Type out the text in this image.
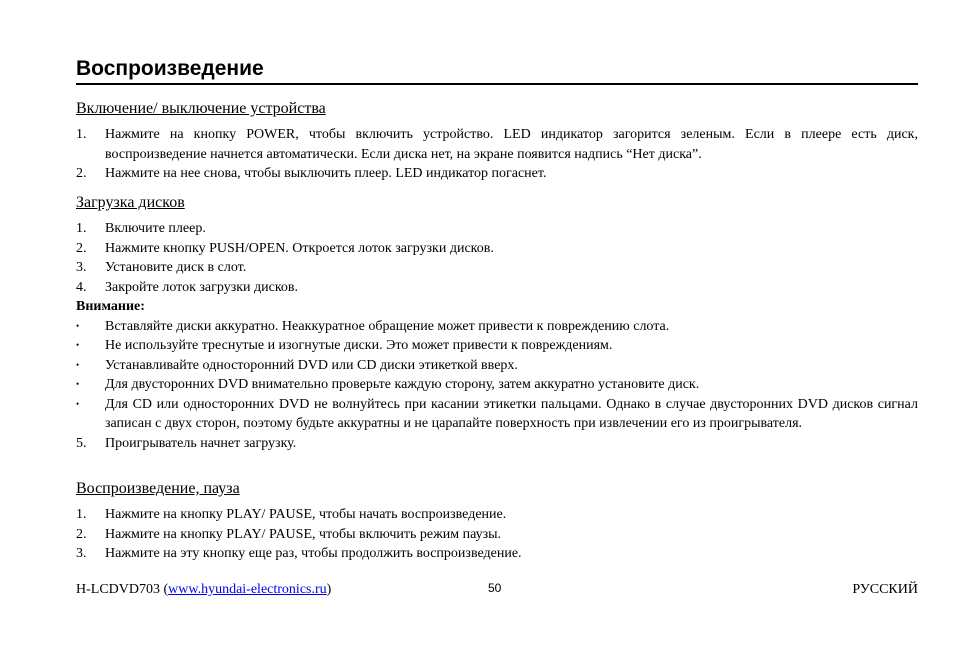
Воспроизведение
Включение/ выключение устройства
1. Нажмите на кнопку POWER, чтобы включить устройство. LED индикатор загорится зеленым. Если в плеере есть диск, воспроизведение начнется автоматически. Если диска нет, на экране появится надпись “Нет диска”.
2. Нажмите на нее снова, чтобы выключить плеер. LED индикатор погаснет.
Загрузка дисков
1. Включите плеер.
2. Нажмите кнопку PUSH/OPEN. Откроется лоток загрузки дисков.
3. Установите диск в слот.
4. Закройте лоток загрузки дисков.
Внимание:
• Вставляйте диски аккуратно. Неаккуратное обращение может привести к повреждению слота.
• Не используйте треснутые и изогнутые диски. Это может привести к повреждениям.
• Устанавливайте односторонний DVD или CD диски этикеткой вверх.
• Для двусторонних DVD внимательно проверьте каждую сторону, затем аккуратно установите диск.
• Для CD или односторонних DVD не волнуйтесь при касании этикетки пальцами. Однако в случае двусторонних DVD дисков сигнал записан с двух сторон, поэтому будьте аккуратны и не царапайте поверхность при извлечении его из проигрывателя.
5. Проигрыватель начнет загрузку.
Воспроизведение, пауза
1. Нажмите на кнопку PLAY/ PAUSE, чтобы начать воспроизведение.
2. Нажмите на кнопку PLAY/ PAUSE, чтобы включить режим паузы.
3. Нажмите на эту кнопку еще раз, чтобы продолжить воспроизведение.
H-LCDVD703 (www.hyundai-electronics.ru)	50	РУССКИЙ
